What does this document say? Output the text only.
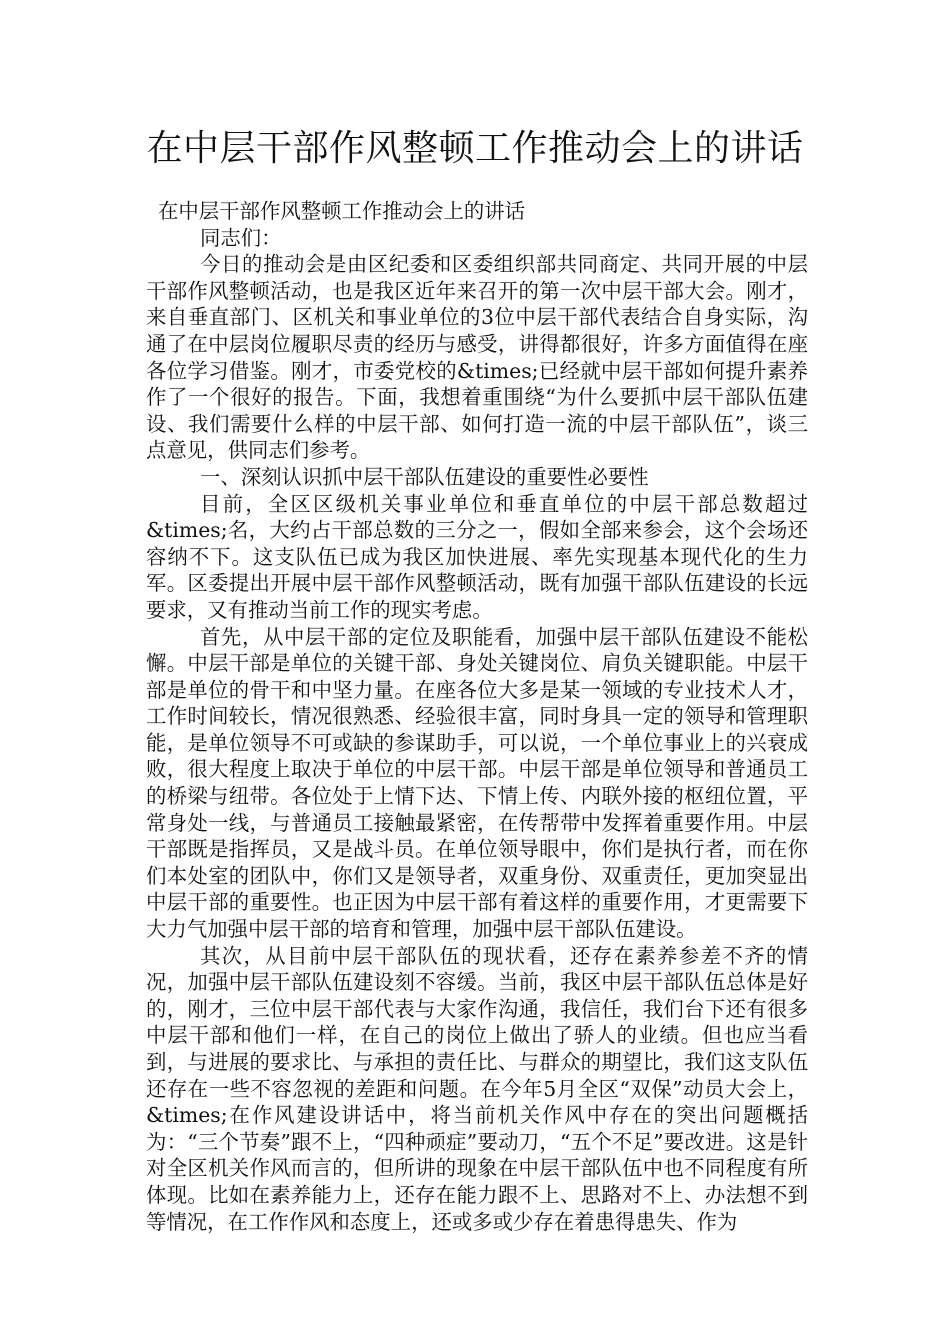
在中层干部作风整顿工作推动会上的讲话

在中层干部作风整顿工作推动会上的讲话

同志们：

今日的推动会是由区纪委和区委组织部共同商定、共同开展的中层干部作风整顿活动，也是我区近年来召开的第一次中层干部大会。刚才，来自垂直部门、区机关和事业单位的3位中层干部代表结合自身实际，沟通了在中层岗位履职尽责的经历与感受，讲得都很好，许多方面值得在座各位学习借鉴。刚才，市委党校的&times;已经就中层干部如何提升素养作了一个很好的报告。下面，我想着重围绕“为什么要抓中层干部队伍建设、我们需要什么样的中层干部、如何打造一流的中层干部队伍”，谈三点意见，供同志们参考。

一、深刻认识抓中层干部队伍建设的重要性必要性

目前，全区区级机关事业单位和垂直单位的中层干部总数超过&times;名，大约占干部总数的三分之一，假如全部来参会，这个会场还容纳不下。这支队伍已成为我区加快进展、率先实现基本现代化的生力军。区委提出开展中层干部作风整顿活动，既有加强干部队伍建设的长远要求，又有推动当前工作的现实考虑。

首先，从中层干部的定位及职能看，加强中层干部队伍建设不能松懈。中层干部是单位的关键干部、身处关键岗位、肩负关键职能。中层干部是单位的骨干和中坚力量。在座各位大多是某一领域的专业技术人才，工作时间较长，情况很熟悉、经验很丰富，同时身具一定的领导和管理职能，是单位领导不可或缺的参谋助手，可以说，一个单位事业上的兴衰成败，很大程度上取决于单位的中层干部。中层干部是单位领导和普通员工的桥梁与纽带。各位处于上情下达、下情上传、内联外接的枢纽位置，平常身处一线，与普通员工接触最紧密，在传帮带中发挥着重要作用。中层干部既是指挥员，又是战斗员。在单位领导眼中，你们是执行者，而在你们本处室的团队中，你们又是领导者，双重身份、双重责任，更加突显出中层干部的重要性。也正因为中层干部有着这样的重要作用，才更需要下大力气加强中层干部的培育和管理，加强中层干部队伍建设。

其次，从目前中层干部队伍的现状看，还存在素养参差不齐的情况，加强中层干部队伍建设刻不容缓。当前，我区中层干部队伍总体是好的，刚才，三位中层干部代表与大家作沟通，我信任，我们台下还有很多中层干部和他们一样，在自己的岗位上做出了骄人的业绩。但也应当看到，与进展的要求比、与承担的责任比、与群众的期望比，我们这支队伍还存在一些不容忽视的差距和问题。在今年5月全区“双保”动员大会上，&times;在作风建设讲话中，将当前机关作风中存在的突出问题概括为：“三个节奏”跟不上，“四种顽症”要动刀，“五个不足”要改进。这是针对全区机关作风而言的，但所讲的现象在中层干部队伍中也不同程度有所体现。比如在素养能力上，还存在能力跟不上、思路对不上、办法想不到等情况，在工作作风和态度上，还或多或少存在着患得患失、作为
